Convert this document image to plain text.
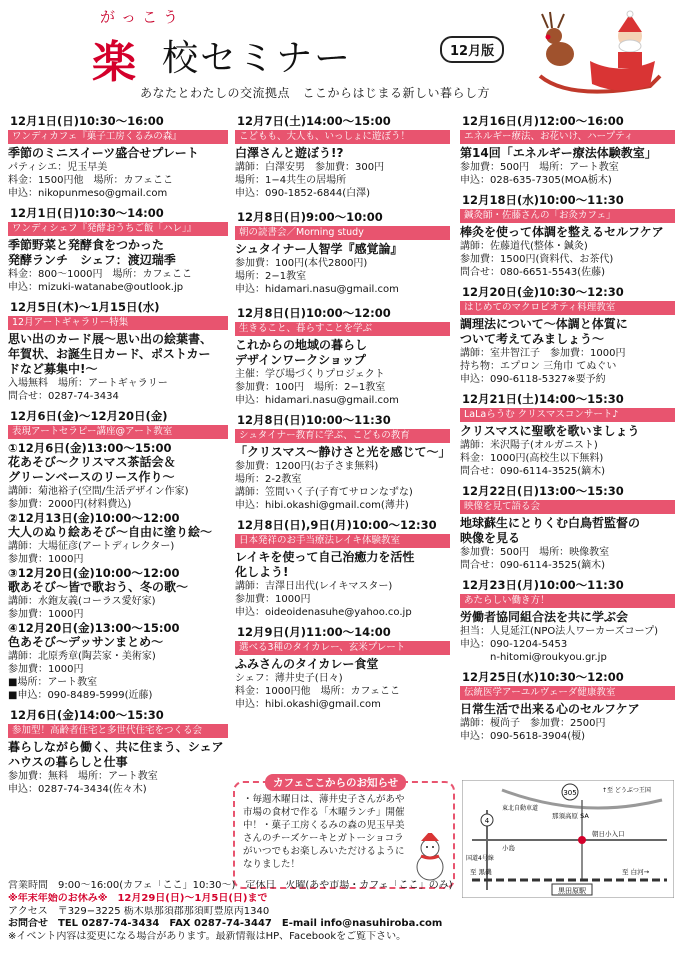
がっこう
楽 校セミナー	12月版
あなたとわたしの交流拠点　ここからはじまる新しい暮らし方
12月1日(日)10:30〜16:00
ワンディカフェ『菓子工房くるみの森』
季節のミニスイーツ盛合せプレート
パティシエ：児玉早美
料金：1500円他　場所：カフェここ
申込：nikopunmeso@gmail.com
12月1日(日)10:30〜14:00
ワンディシェフ『発酵おうちご飯「ハレ」』
季節野菜と発酵食をつかった
発酵ランチ　シェフ：渡辺瑞季
料金：800〜1000円　場所：カフェここ
申込：mizuki-watanabe@outlook.jp
12月5日(木)〜1月15日(水)
12月アートギャラリー特集
思い出のカード展〜思い出の絵葉書、
年賀状、お誕生日カード、ポストカー
ドなど募集中!〜
入場無料　場所：アートギャラリー
問合せ：0287-74-3434
12月6日(金)〜12月20日(金)
表現アートセラピー講座@アート教室
①12月6日(金)13:00〜15:00
花あそび〜クリスマス茶話会＆
グリーンベースのリース作り〜
講師：菊池裕子(空間/生活デザイン作家)
参加費：2000円(材料費込)
②12月13日(金)10:00〜12:00
大人のぬり絵あそび〜自由に塗り絵〜
講師：大場征彦(アートディレクター)
参加費：1000円
③12月20日(金)10:00〜12:00
歌あそび〜皆で歌おう、冬の歌〜
講師：水鉋友義(コーラス愛好家)
参加費：1000円
④12月20日(金)13:00〜15:00
色あそび〜デッサンまとめ〜
講師：北原秀章(陶芸家・美術家)
参加費：1000円
■場所：アート教室
■申込：090-8489-5999(近藤)
12月6日(金)14:00〜15:30
参加型！高齢者住宅と多世代住宅をつくる会
暮らしながら働く、共に住まう、シェア
ハウスの暮らしと仕事
参加費：無料　場所：アート教室
申込：0287-74-3434(佐々木)
12月7日(土)14:00〜15:00
こどもも、大人も、いっしょに遊ぼう！
白澤さんと遊ぼう!?
講師：白澤安男　参加費：300円
場所：1−4共生の居場所
申込：090-1852-6844(白澤)
12月8日(日)9:00〜10:00
朝の読書会／Morning study
シュタイナー人智学『感覚論』
参加費：100円(本代2800円)
場所：2−1教室
申込：hidamari.nasu@gmail.com
12月8日(日)10:00〜12:00
生きること、暮らすことを学ぶ
これからの地域の暮らし
デザインワークショップ
主催：学び場づくりプロジェクト
参加費：100円　場所：2−1教室
申込：hidamari.nasu@gmail.com
12月8日(日)10:00〜11:30
シュタイナー教育に学ぶ、こどもの教育
「クリスマス〜静けさと光を感じて〜」
参加費：1200円(お子さま無料)
場所：2-2教室
講師：笠間いく子(子育てサロンなずな)
申込：hibi.okashi@gmail.com(薄井)
12月8日(日),9日(月)10:00〜12:30
日本発祥のお手当療法レイキ体験教室
レイキを使って自己治癒力を活性
化しよう!
講師：吉澤日出代(レイキマスター)
参加費：1000円
申込：oideoidenasuhe@yahoo.co.jp
12月9日(月)11:00〜14:00
選べる3種のタイカレー、玄米プレート
ふみさんのタイカレー食堂
シェフ：薄井史子(日々)
料金：1000円他　場所：カフェここ
申込：hibi.okashi@gmail.com
カフェここからのお知らせ
・毎週木曜日は、薄井史子さんがあや市場の食材で作る「木曜ランチ」開催中！・菓子工房くるみの森の児玉早美さんのチーズケーキとガトーショコラがいつでもお楽しみいただけるようになりました！
12月16日(月)12:00〜16:00
エネルギー療法、お花いけ、ハープティ
第14回「エネルギー療法体験教室」
参加費：500円　場所：アート教室
申込：028-635-7305(MOA栃木)
12月18日(水)10:00〜11:30
鍼灸師・佐藤さんの「お灸カフェ」
棒灸を使って体調を整えるセルフケア
講師：佐藤道代(整体・鍼灸)
参加費：1500円(資料代、お茶代)
問合せ：080-6651-5543(佐藤)
12月20日(金)10:30〜12:30
はじめてのマクロビオティ料理教室
調理法について〜体調と体質に
ついて考えてみましょう〜
講師：室井智江子　参加費：1000円
持ち物：エプロン 三角巾 てぬぐい
申込：090-6118-5327※要予約
12月21日(土)14:00〜15:30
LaLaらうむ クリスマスコンサート♪
クリスマスに聖歌を歌いましょう
講師：米沢陽子(オルガニスト)
料金：1000円(高校生以下無料)
問合せ：090-6114-3525(鏑木)
12月22日(日)13:00〜15:30
映像を見て語る会
地球蘇生にとりくむ白鳥哲監督の
映像を見る
参加費：500円　場所：映像教室
問合せ：090-6114-3525(鏑木)
12月23日(月)10:00〜11:30
あたらしい働き方！
労働者協同組合法を共に学ぶ会
担当：人見延江(NPO法人ワーカーズコープ)
申込：090-1204-5453
　　　n-hitomi@roukyou.gr.jp
12月25日(水)10:30〜12:00
伝統医学アーユルヴェーダ健康教室
日常生活で出来る心のセルフケア
講師：榎尚子　参加費：2500円
申込：090-5618-3904(榎)
黒田原駅
305
4
小島
那須高原 SA
朝日小入口
東北自動車道
↑至 どうぶつ王国
国道4号線
至 黒磯	至 白河→
営業時間　9:00〜16:00(カフェ「ここ」10:30〜)　定休日　火曜(あや市場・カフェ「ここ」のみ)
※年末年始のお休み※　12月29日(日)〜1月5日(日)まで
アクセス　〒329−3225 栃木県那須郡那須町豊原丙1340
お問合せ　TEL 0287-74-3434　FAX 0287-74-3447　E-mail info@nasuhiroba.com
※イベント内容は変更になる場合があります。最新情報はHP、Facebookをご覧下さい。
